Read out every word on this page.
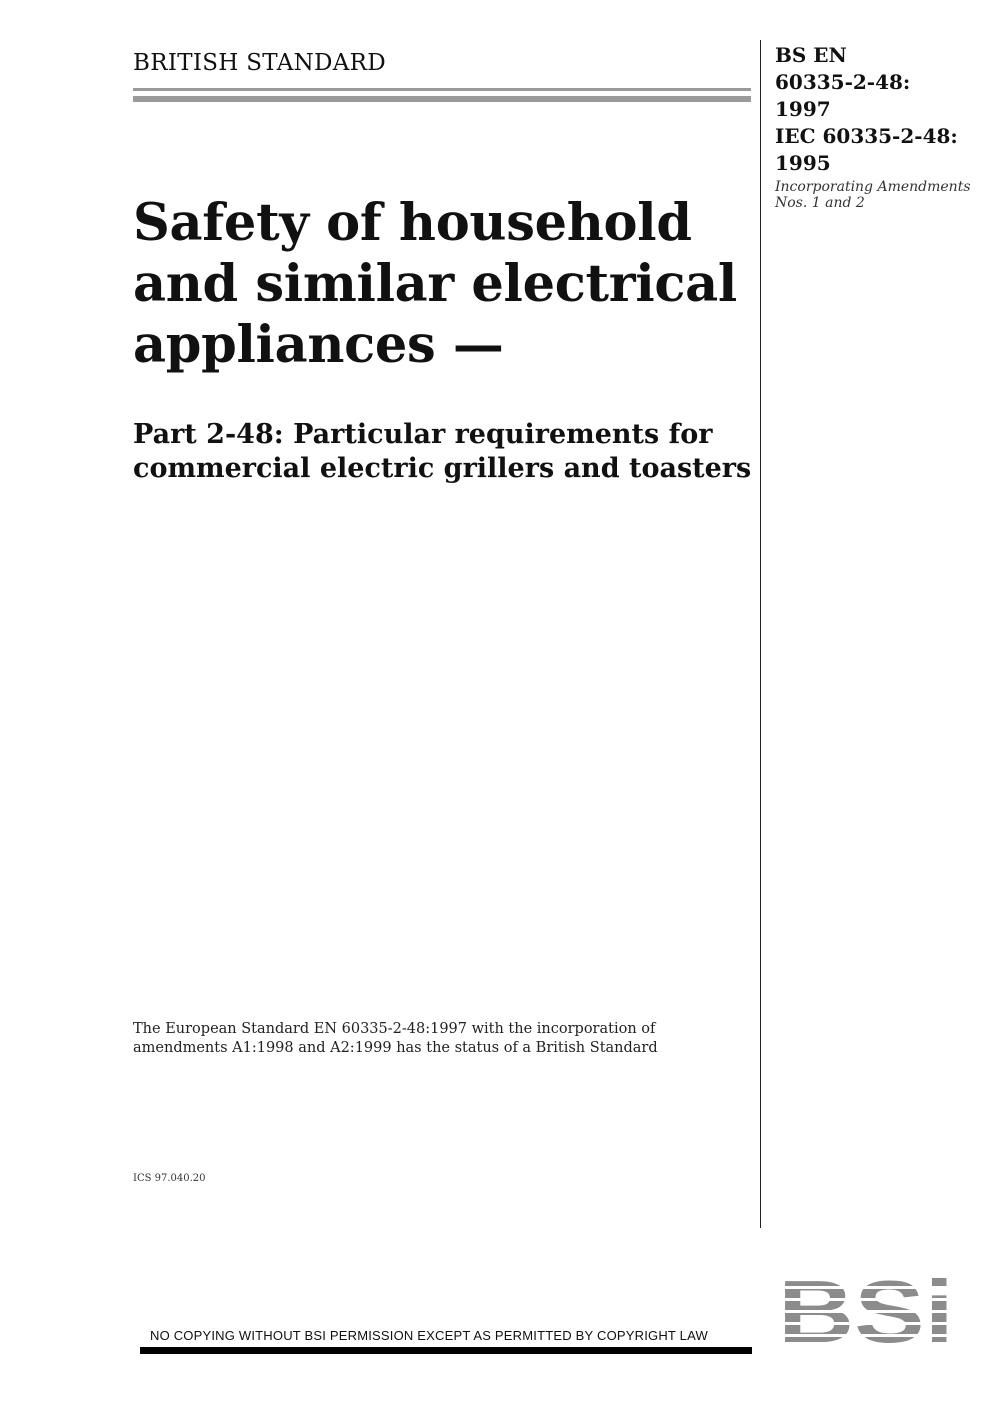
BRITISH STANDARD	BS EN
60335-2-48:
1997
IEC 60335-2-48:
1995
Incorporating Amendments Nos. 1 and 2
Safety of household and similar electrical appliances —
Part 2-48: Particular requirements for commercial electric grillers and toasters
The European Standard EN 60335-2-48:1997 with the incorporation of amendments A1:1998 and A2:1999 has the status of a British Standard
ICS 97.040.20
NO COPYING WITHOUT BSI PERMISSION EXCEPT AS PERMITTED BY COPYRIGHT LAW
